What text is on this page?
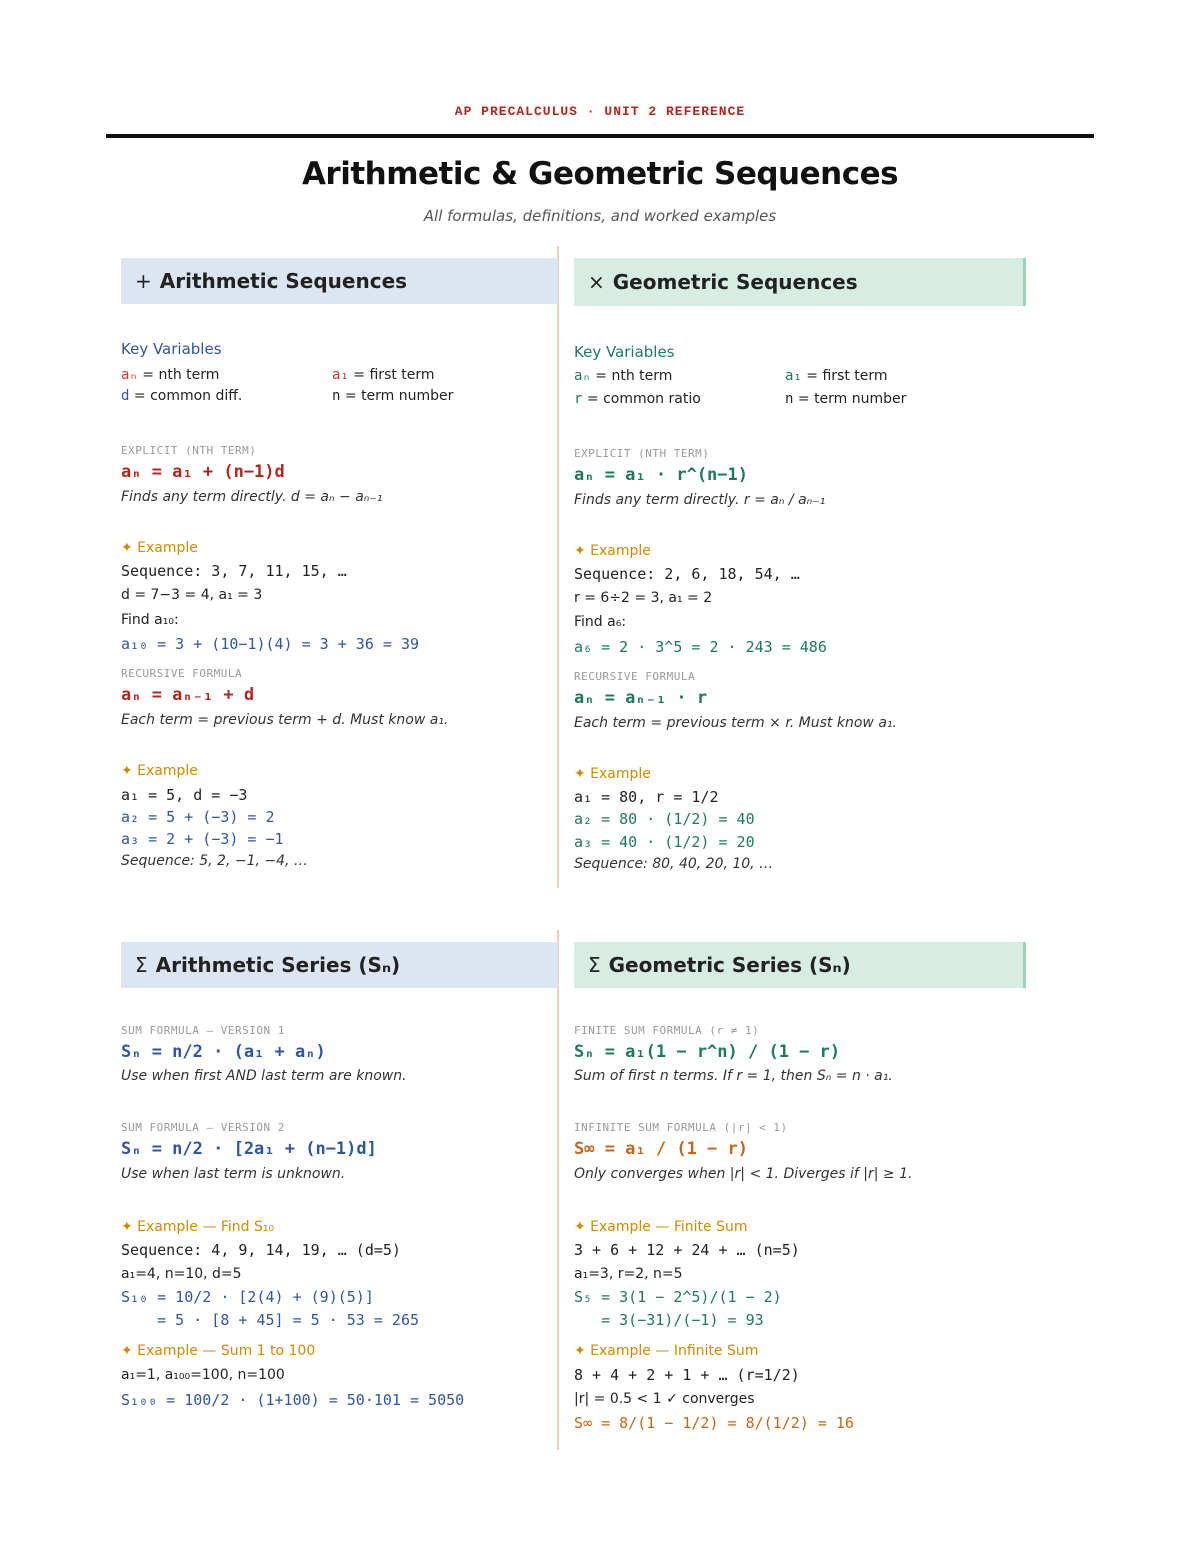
AP PRECALCULUS · UNIT 2 REFERENCE
Arithmetic & Geometric Sequences
All formulas, definitions, and worked examples
+ Arithmetic Sequences
Key Variables
aₙ = nth term	a₁ = first term
d = common diff.	n = term number
EXPLICIT (NTH TERM)
aₙ = a₁ + (n−1)d
Finds any term directly. d = aₙ − aₙ₋₁
✦ Example
Sequence: 3, 7, 11, 15, …
d = 7−3 = 4, a₁ = 3
Find a₁₀:
a₁₀ = 3 + (10−1)(4) = 3 + 36 = 39
RECURSIVE FORMULA
aₙ = aₙ₋₁ + d
Each term = previous term + d. Must know a₁.
✦ Example
a₁ = 5, d = −3
a₂ = 5 + (−3) = 2
a₃ = 2 + (−3) = −1
Sequence: 5, 2, −1, −4, …
× Geometric Sequences
Key Variables
aₙ = nth term	a₁ = first term
r = common ratio	n = term number
EXPLICIT (NTH TERM)
aₙ = a₁ · r^(n−1)
Finds any term directly. r = aₙ / aₙ₋₁
✦ Example
Sequence: 2, 6, 18, 54, …
r = 6÷2 = 3, a₁ = 2
Find a₆:
a₆ = 2 · 3^5 = 2 · 243 = 486
RECURSIVE FORMULA
aₙ = aₙ₋₁ · r
Each term = previous term × r. Must know a₁.
✦ Example
a₁ = 80, r = 1/2
a₂ = 80 · (1/2) = 40
a₃ = 40 · (1/2) = 20
Sequence: 80, 40, 20, 10, …
Σ Arithmetic Series (Sₙ)
SUM FORMULA — VERSION 1
Sₙ = n/2 · (a₁ + aₙ)
Use when first AND last term are known.
SUM FORMULA — VERSION 2
Sₙ = n/2 · [2a₁ + (n−1)d]
Use when last term is unknown.
✦ Example — Find S₁₀
Sequence: 4, 9, 14, 19, … (d=5)
a₁=4, n=10, d=5
S₁₀ = 10/2 · [2(4) + (9)(5)]
= 5 · [8 + 45] = 5 · 53 = 265
✦ Example — Sum 1 to 100
a₁=1, a₁₀₀=100, n=100
S₁₀₀ = 100/2 · (1+100) = 50·101 = 5050
Σ Geometric Series (Sₙ)
FINITE SUM FORMULA (r ≠ 1)
Sₙ = a₁(1 − r^n) / (1 − r)
Sum of first n terms. If r = 1, then Sₙ = n · a₁.
INFINITE SUM FORMULA (|r| < 1)
S∞ = a₁ / (1 − r)
Only converges when |r| < 1. Diverges if |r| ≥ 1.
✦ Example — Finite Sum
3 + 6 + 12 + 24 + … (n=5)
a₁=3, r=2, n=5
S₅ = 3(1 − 2^5)/(1 − 2)
= 3(−31)/(−1) = 93
✦ Example — Infinite Sum
8 + 4 + 2 + 1 + … (r=1/2)
|r| = 0.5 < 1 ✓ converges
S∞ = 8/(1 − 1/2) = 8/(1/2) = 16
